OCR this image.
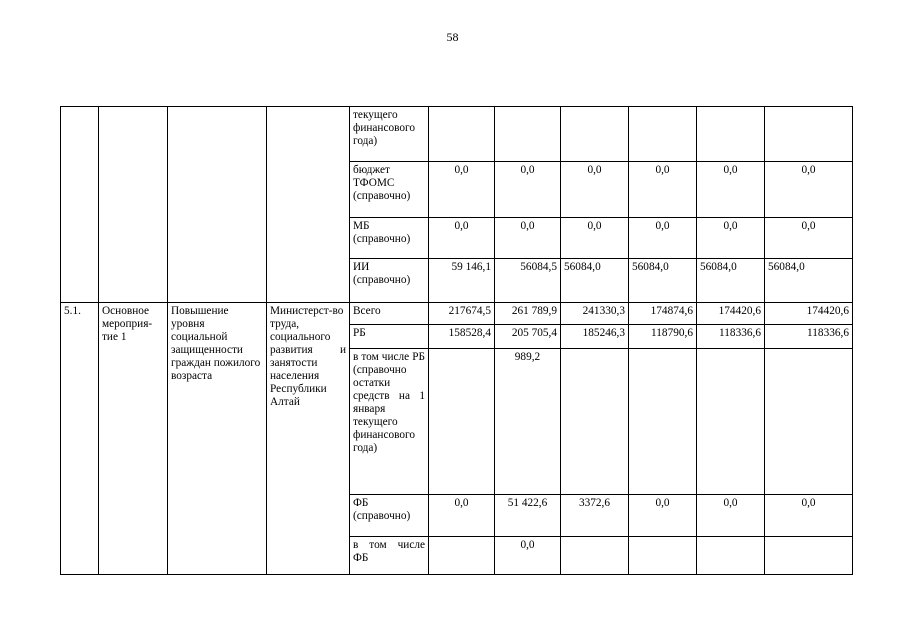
58
				текущего финансового года)						
				бюджет ТФОМС (справочно)	0,0	0,0	0,0	0,0	0,0	0,0
				МБ (справочно)	0,0	0,0	0,0	0,0	0,0	0,0
				ИИ (справочно)	59 146,1	56084,5	56084,0	56084,0	56084,0	56084,0
5.1.	Основное мероприя-тие 1	Повышение уровня социальной защищенности граждан пожилого возраста	Министерст-во труда, социального развития и занятости населения Республики Алтай	Всего	217674,5	261 789,9	241330,3	174874,6	174420,6	174420,6
				РБ	158528,4	205 705,4	185246,3	118790,6	118336,6	118336,6
				в том числе РБ (справочно остатки средств на 1 января текущего финансового года)		989,2				
				ФБ (справочно)	0,0	51 422,6	3372,6	0,0	0,0	0,0
				в том числе ФБ		0,0				
